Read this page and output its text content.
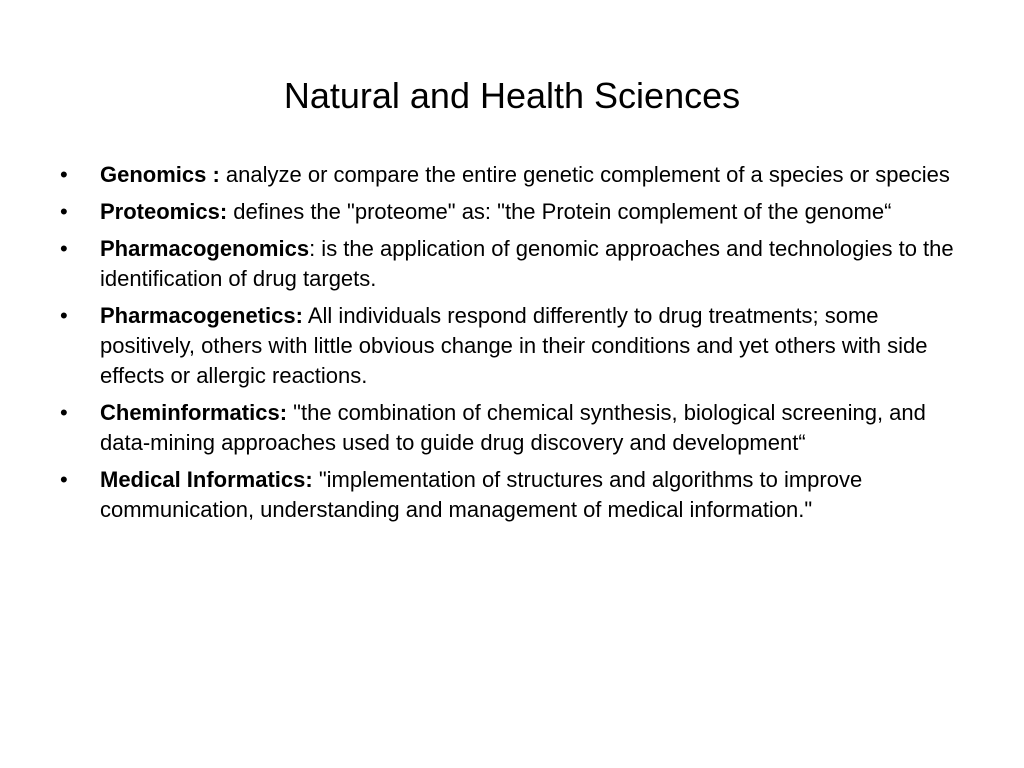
Natural and Health Sciences
•	Genomics : analyze or compare the entire genetic complement of a species or species
•	Proteomics: defines the "proteome" as: "the Protein complement of the genome“
•	Pharmacogenomics: is the application of genomic approaches and technologies to the identification of drug targets.
•	Pharmacogenetics: All individuals respond differently to drug treatments; some positively, others with little obvious change in their conditions and yet others with side effects or allergic reactions.
•	Cheminformatics: "the combination of chemical synthesis, biological screening, and data-mining approaches used to guide drug discovery and development“
•	Medical Informatics: "implementation of structures and algorithms to improve communication, understanding and management of medical information."
